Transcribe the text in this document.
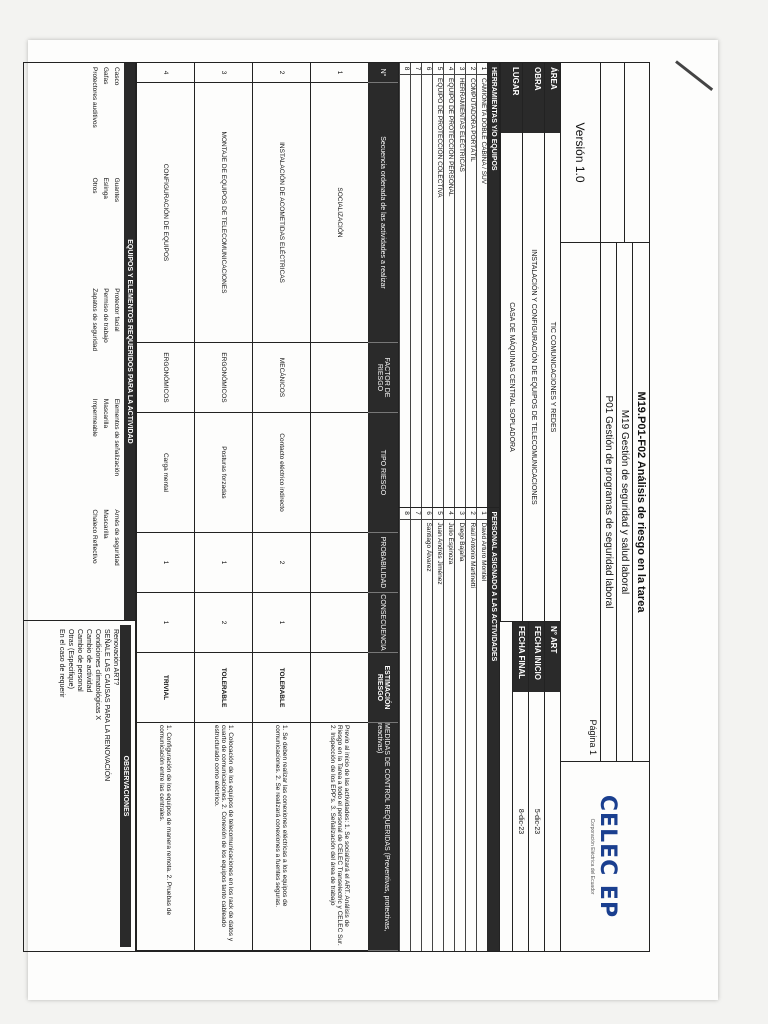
Versión 1.0
M19.P01-F02 Análisis de riesgo en la tarea
M19 Gestión de seguridad y salud laboral
P01 Gestión de programas de seguridad laboral
Página 1
CELEC EP
Corporación Eléctrica del Ecuador
ÁREA
TIC COMUNICACIONES Y REDES
OBRA
INSTALACIÓN Y CONFIGURACIÓN DE EQUIPOS DE TELECOMUNICACIONES
LUGAR
CASA DE MÁQUINAS CENTRAL SOPLADORA
N° ART
FECHA INICIO
5-dic-23
FECHA FINAL
8-dic-23
HERRAMIENTAS Y/O EQUIPOS
1
CAMIONETA DOBLE CABINA / SUV
2
COMPUTADORA PORTÁTIL
3
HERRAMIENTAS ELÉCTRICAS
4
EQUIPO DE PROTECCIÓN PERSONAL
5
EQUIPO DE PROTECCIÓN COLECTIVA
6
7
8
PERSONAL ASIGNADO A LAS ACTIVIDADES
1
David Arturo Montiel
2
Raúl Antonio Martinetti
3
Diego Bajaña
4
Julio Espinoza
5
Juan Andrés Jiménez
6
Santiago Álvarez
7
8
N°
Secuencia ordenada de las actividades a realizar
FACTOR DE RIESGO
TIPO RIESGO
PROBABILIDAD
CONSECUENCIA
ESTIMACIÓN RIESGO
MEDIDAS DE CONTROL REQUERIDAS (Preventivas, protectivas, reactivas)
1
SOCIALIZACIÓN
Previo al inicio de las actividades: 1. Se socializará el ART. Análisis de Riesgo en la Tarea a todo el personal de CELEC Transelectric y CELEC Sur. 2. Inspección de los EPP's. 3. Señalización del área de trabajo
2
INSTALACIÓN DE ACOMETIDAS ELÉCTRICAS
MECÁNICOS
Contacto eléctrico indirecto
2
1
TOLERABLE
1. Se deben realizar las conexiones eléctricas a los equipos de comunicaciones. 2. Se realizará conexiones a fuentes seguras.
3
MONTAJE DE EQUIPOS DE TELECOMUNICACIONES
ERGONÓMICOS
Posturas forzadas
1
2
TOLERABLE
1. Colocación de los equipos de telecomunicaciones en los rack de datos y cuarto de comunicaciones. 2. Conexión de los equipos tanto cableado estructurado como eléctrico.
4
CONFIGURACIÓN DE EQUIPOS
ERGONÓMICOS
Carga mental
1
1
TRIVIAL
1. Configuración de los equipos de manera remota. 2. Pruebas de comunicación entre las centrales.
EQUIPOS Y ELEMENTOS REQUERIDOS PARA LA ACTIVIDAD
Casco
Guantes
Protector facial
Elementos de señalización
Arnés de seguridad
Gafas
Eslinga
Permiso de trabajo
Mascarilla
Mascarilla
Protectores auditivos
Otros
Zapatos de seguridad
Impermeable
Chaleco Reflectivo
OBSERVACIONES
Renovación ART?
SEÑALE LAS CAUSAS PARA LA RENOVACIÓN
Condiciones climatológicas X
Cambio de actividad
Cambio de personal
Otras (Especifique)
En el caso de requerir
